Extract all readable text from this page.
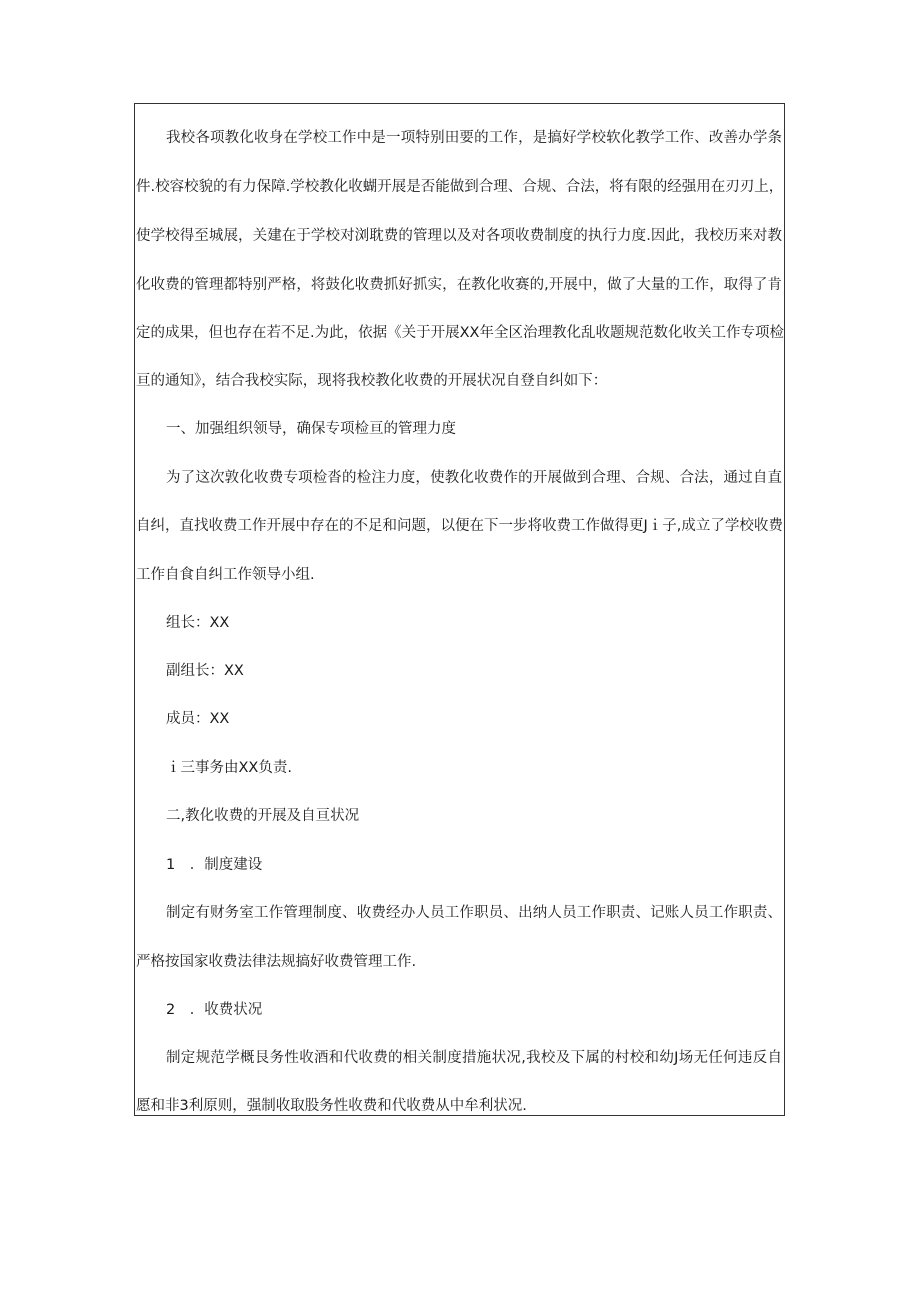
我校各项教化收身在学校工作中是一项特别田要的工作，是搞好学校软化教学工作、改善办学条
件.校容校貌的有力保障.学校教化收蝴开展是否能做到合理、合规、合法，将有限的经强用在刃刃上，
使学校得至城展，关建在于学校对浏耽费的管理以及对各项收费制度的执行力度.因此，我校历来对教
化收费的管理都特别严格，将鼓化收费抓好抓实，在教化收赛的,开展中，做了大量的工作，取得了肯
定的成果，但也存在若不足.为此，依据《关于开展XX年全区治理教化乱收题规范数化收关工作专项检
亘的通知》，结合我校实际，现将我校教化收费的开展状况自登自纠如下：
一、加强组织领导，确保专项检亘的管理力度
为了这次敦化收费专项检沓的检注力度，使教化收费作的开展做到合理、合规、合法，通过自直
自纠，直找收费工作开展中存在的不足和问题，以便在下一步将收费工作做得更Jｉ子,成立了学校收费
工作自食自纠工作领导小组.
组长：XX
副组长：XX
成员：XX
ｉ三事务由XX负责.
二,教化收费的开展及自亘状况
1　．制度建设
制定有财务室工作管理制度、收费经办人员工作职员、出纳人员工作职责、记账人员工作职责、
严格按国家收费法律法规搞好收费管理工作.
2　．收费状况
制定规范学概艮务性收酒和代收费的相关制度措施状况,我校及下属的村校和幼J场无任何违反自
愿和非3利原则，强制收取股务性收费和代收费从中牟利状况.
